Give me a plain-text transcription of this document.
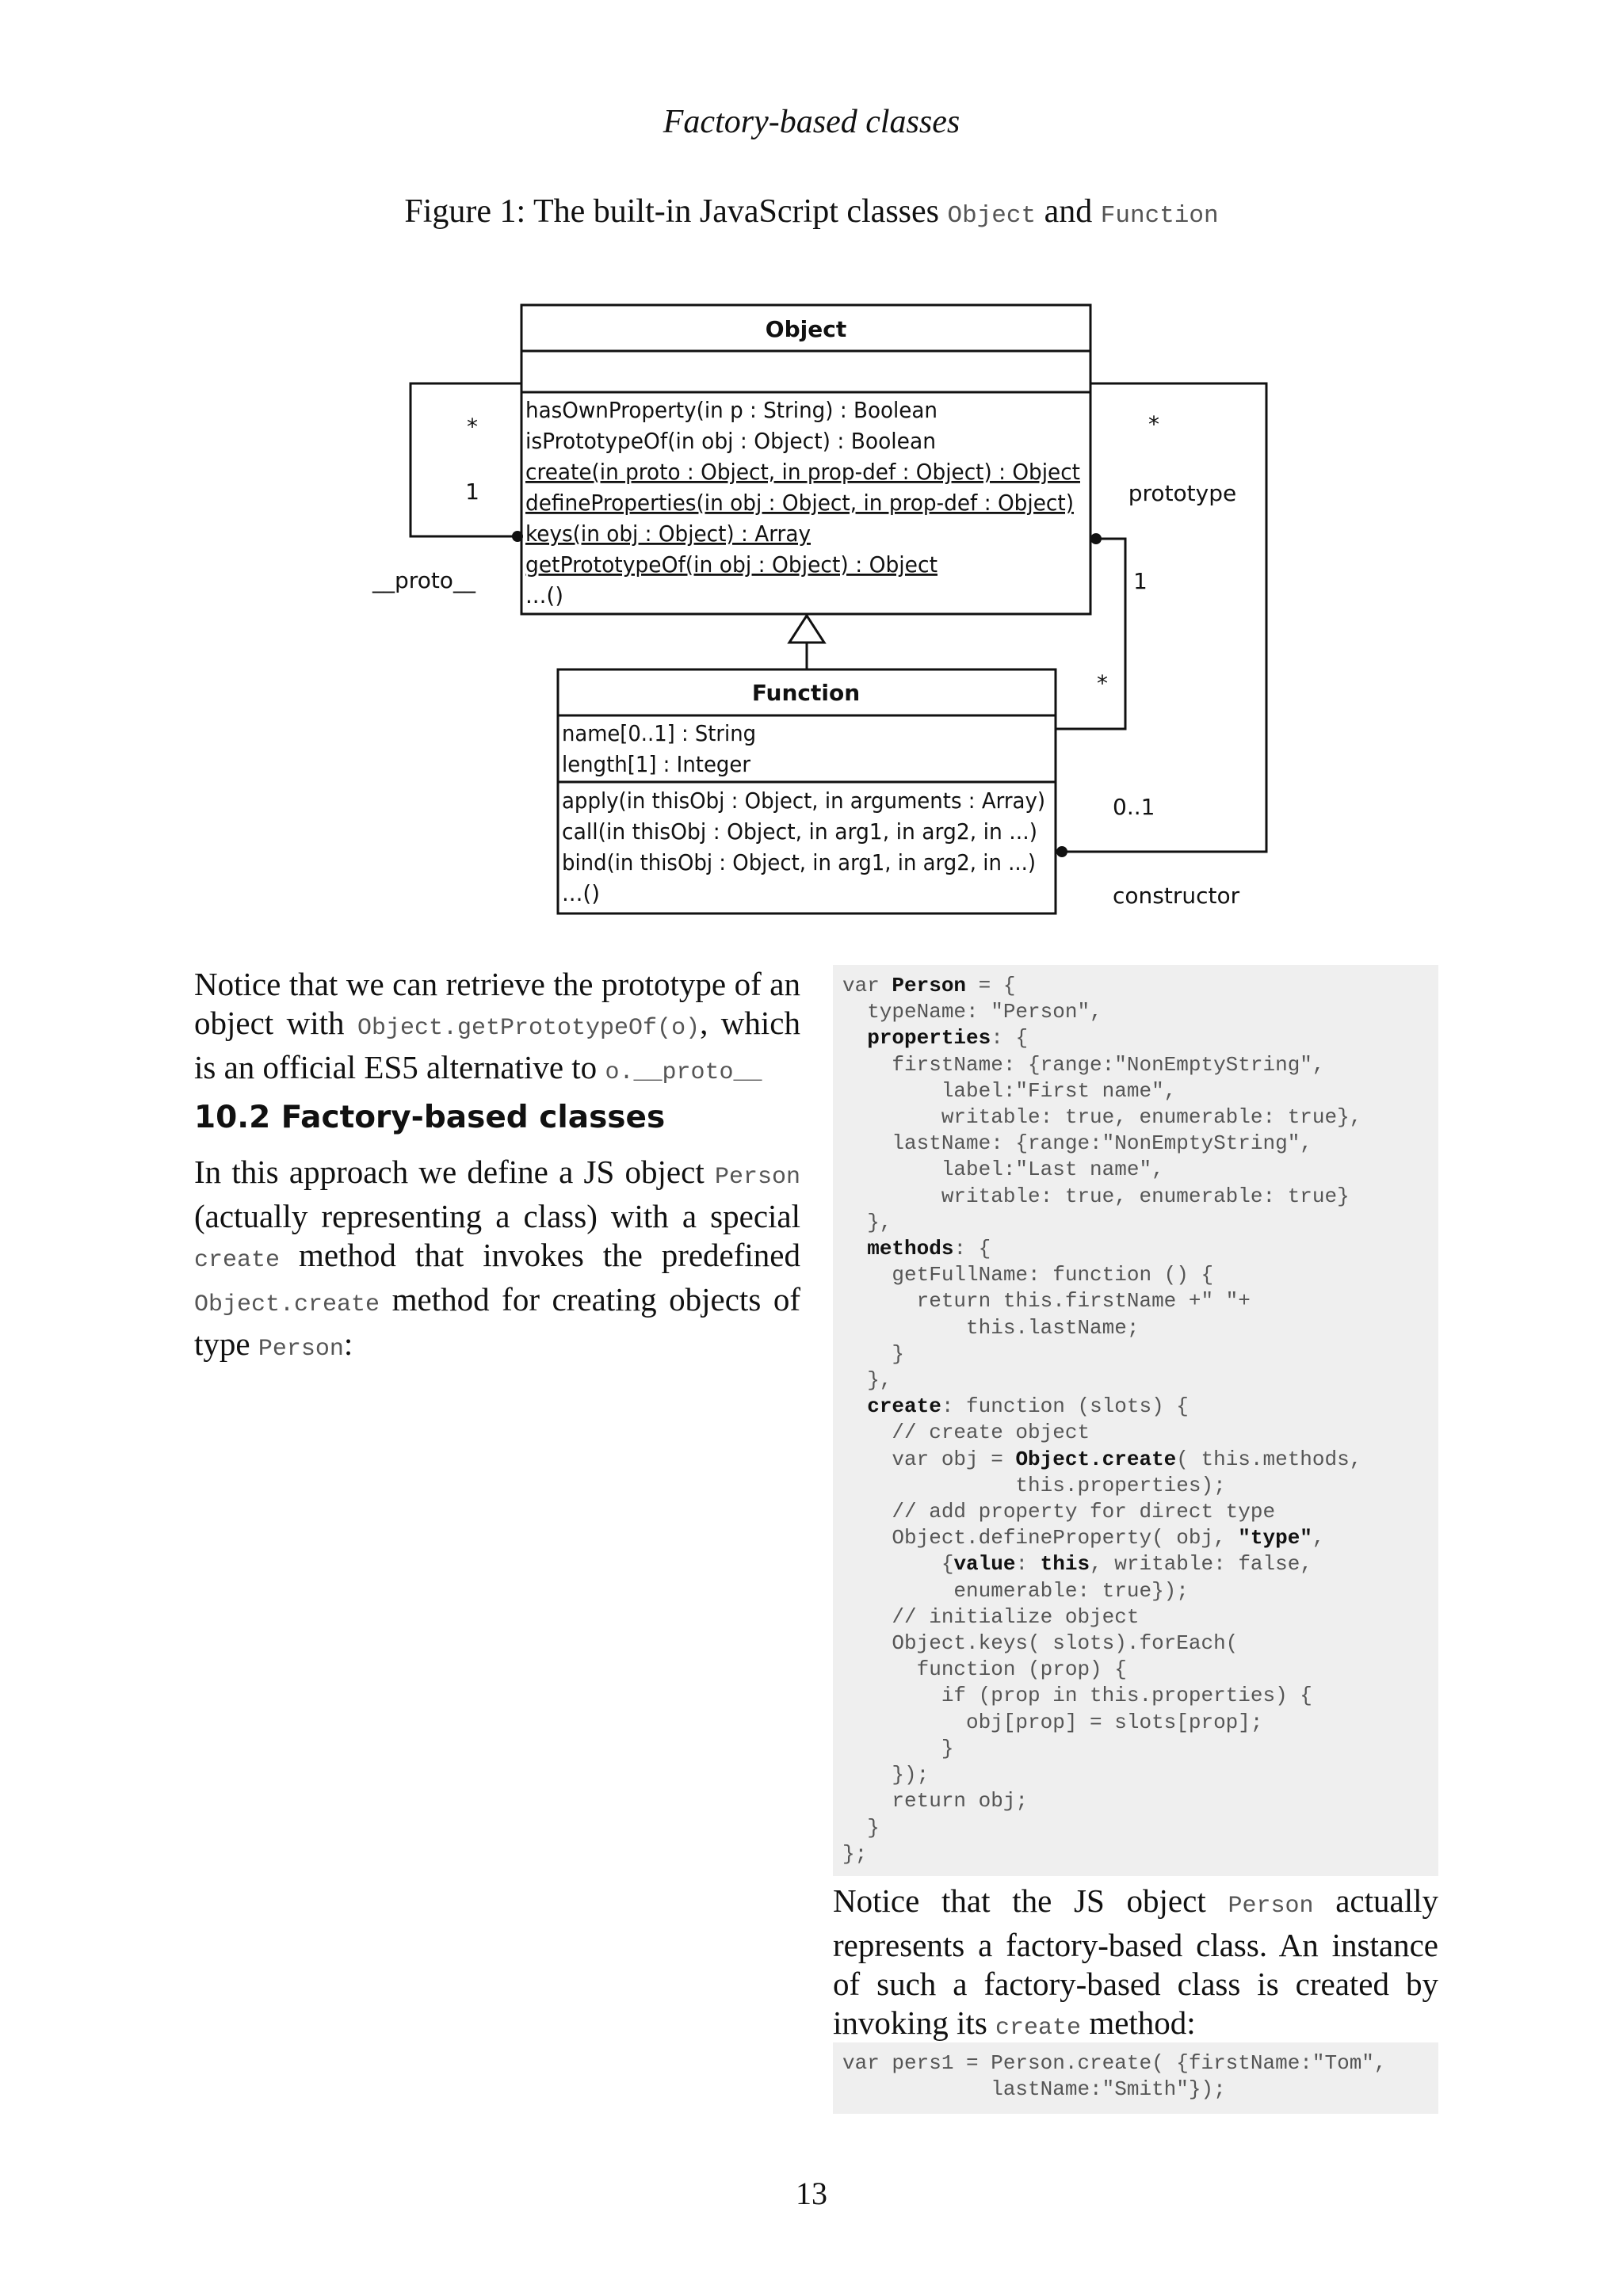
Factory-based classes
Figure 1: The built-in JavaScript classes Object and Function
Object
hasOwnProperty(in p : String) : Boolean
isPrototypeOf(in obj : Object) : Boolean
create(in proto : Object, in prop-def : Object) : Object
defineProperties(in obj : Object, in prop-def : Object)
keys(in obj : Object) : Array
getPrototypeOf(in obj : Object) : Object
...()
Function
name[0..1] : String
length[1] : Integer
apply(in thisObj : Object, in arguments : Array)
call(in thisObj : Object, in arg1, in arg2, in ...)
bind(in thisObj : Object, in arg1, in arg2, in ...)
...()
*
1
__proto__
*
prototype
1
*
0..1
constructor
Notice that we can retrieve the prototype of an object with Object.getPrototypeOf(o), which is an official ES5 alternative to o.__proto__
10.2 Factory-based classes
In this approach we define a JS object Person (actually representing a class) with a special create method that invokes the predefined Object.create method for creating objects of type Person:
var Person = {
typeName: "Person",
properties: {
firstName: {range:"NonEmptyString",
label:"First name",
writable: true, enumerable: true},
lastName: {range:"NonEmptyString",
label:"Last name",
writable: true, enumerable: true}
},
methods: {
getFullName: function () {
return this.firstName +" "+
this.lastName;
}
},
create: function (slots) {
// create object
var obj = Object.create( this.methods,
this.properties);
// add property for direct type
Object.defineProperty( obj, "type",
{value: this, writable: false,
enumerable: true});
// initialize object
Object.keys( slots).forEach(
function (prop) {
if (prop in this.properties) {
obj[prop] = slots[prop];
}
});
return obj;
}
};
Notice that the JS object Person actually represents a factory-based class. An instance of such a factory-based class is created by invoking its create method:
var pers1 = Person.create( {firstName:"Tom",
lastName:"Smith"});
13
